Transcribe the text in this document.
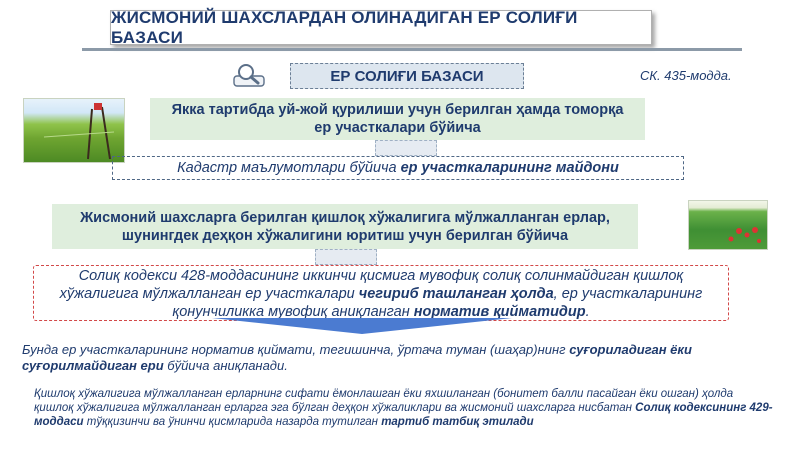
ЖИСМОНИЙ ШАХСЛАРДАН ОЛИНАДИГАН ЕР СОЛИҒИ БАЗАСИ
ЕР СОЛИҒИ БАЗАСИ	СК. 435-модда.
Якка тартибда уй-жой қурилиши учун берилган ҳамда томорқа
ер участкалари бўйича
Кадастр маълумотлари бўйича ер участкаларининг майдони
Жисмоний шахсларга берилган қишлоқ хўжалигига мўлжалланган ерлар,
шунингдек деҳқон хўжалигини юритиш учун берилган бўйича
Солиқ кодекси 428-моддасининг иккинчи қисмига мувофиқ солиқ солинмайдиган қишлоқ
хўжалигига мўлжалланган ер участкалари чегириб ташланган ҳолда, ер участкаларининг
қонунчиликка мувофиқ аниқланган норматив қийматидир.
Бунда ер участкаларининг норматив қиймати, тегишинча, ўртача туман (шаҳар)нинг суғориладиган ёки суғорилмайдиган ери бўйича аниқланади.
Қишлоқ хўжалигига мўлжалланган ерларнинг сифати ёмонлашган ёки яхшиланган (бонитет балли пасайган ёки ошган) ҳолда қишлоқ хўжалигига мўлжалланган ерларга эга бўлган деҳқон хўжаликлари ва жисмоний шахсларга нисбатан Солиқ кодексининг 429-моддаси тўққизинчи ва ўнинчи қисмларида назарда тутилган тартиб татбиқ этилади
